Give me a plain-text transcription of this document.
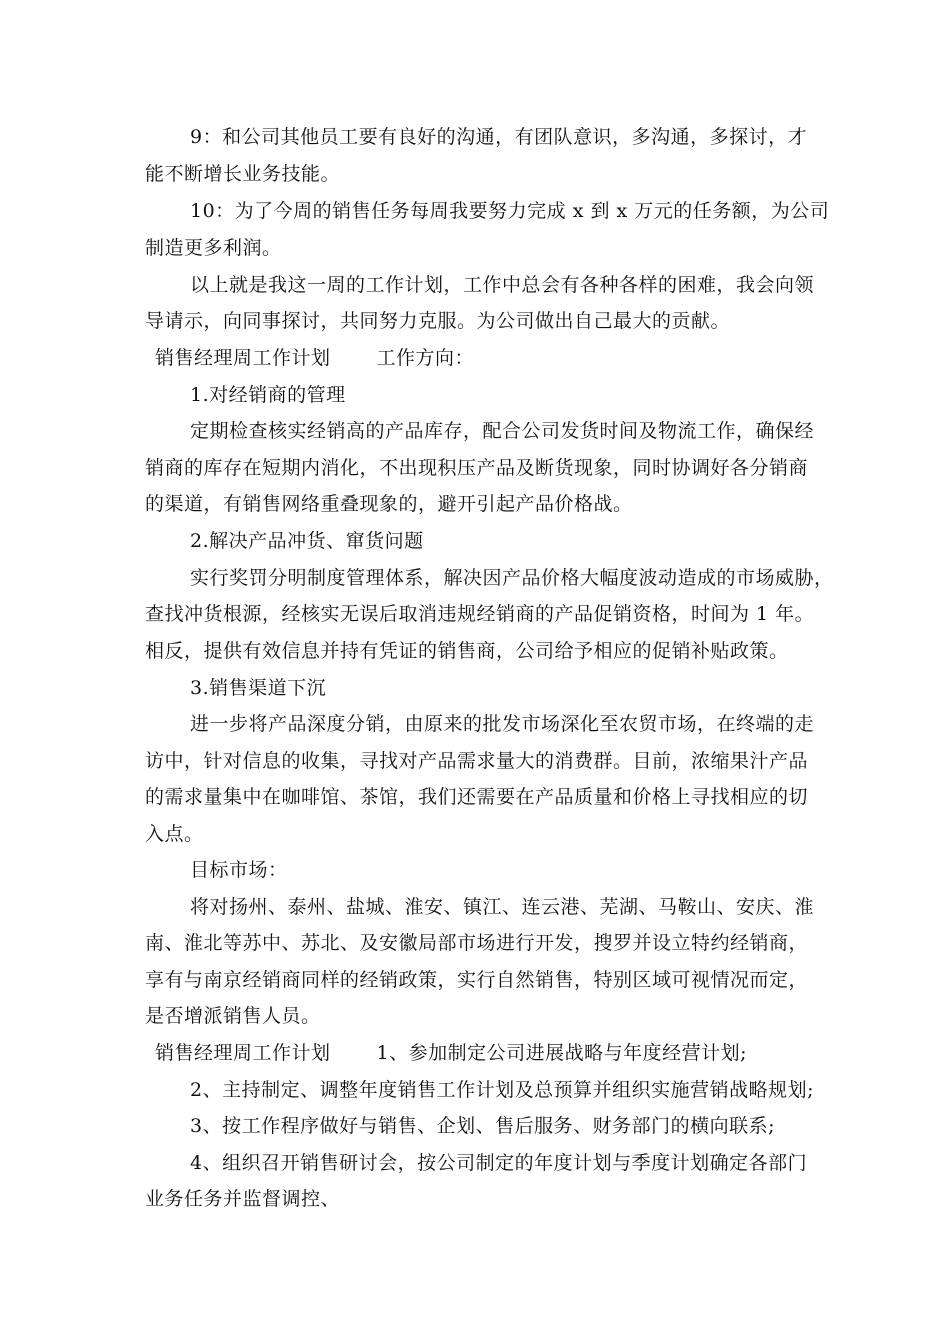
9：和公司其他员工要有良好的沟通，有团队意识，多沟通，多探讨，才
能不断增长业务技能。
10：为了今周的销售任务每周我要努力完成 x 到 x 万元的任务额，为公司
制造更多利润。
以上就是我这一周的工作计划，工作中总会有各种各样的困难，我会向领
导请示，向同事探讨，共同努力克服。为公司做出自己最大的贡献。
销售经理周工作计划 工作方向：
1.对经销商的管理
定期检查核实经销高的产品库存，配合公司发货时间及物流工作，确保经
销商的库存在短期内消化，不出现积压产品及断货现象，同时协调好各分销商
的渠道，有销售网络重叠现象的，避开引起产品价格战。
2.解决产品冲货、窜货问题
实行奖罚分明制度管理体系，解决因产品价格大幅度波动造成的市场威胁，
查找冲货根源，经核实无误后取消违规经销商的产品促销资格，时间为 1 年。
相反，提供有效信息并持有凭证的销售商，公司给予相应的促销补贴政策。
3.销售渠道下沉
进一步将产品深度分销，由原来的批发市场深化至农贸市场，在终端的走
访中，针对信息的收集，寻找对产品需求量大的消费群。目前，浓缩果汁产品
的需求量集中在咖啡馆、茶馆，我们还需要在产品质量和价格上寻找相应的切
入点。
目标市场：
将对扬州、泰州、盐城、淮安、镇江、连云港、芜湖、马鞍山、安庆、淮
南、淮北等苏中、苏北、及安徽局部市场进行开发，搜罗并设立特约经销商，
享有与南京经销商同样的经销政策，实行自然销售，特别区域可视情况而定，
是否增派销售人员。
销售经理周工作计划 1、参加制定公司进展战略与年度经营计划;
2、主持制定、调整年度销售工作计划及总预算并组织实施营销战略规划;
3、按工作程序做好与销售、企划、售后服务、财务部门的横向联系;
4、组织召开销售研讨会，按公司制定的年度计划与季度计划确定各部门
业务任务并监督调控、
